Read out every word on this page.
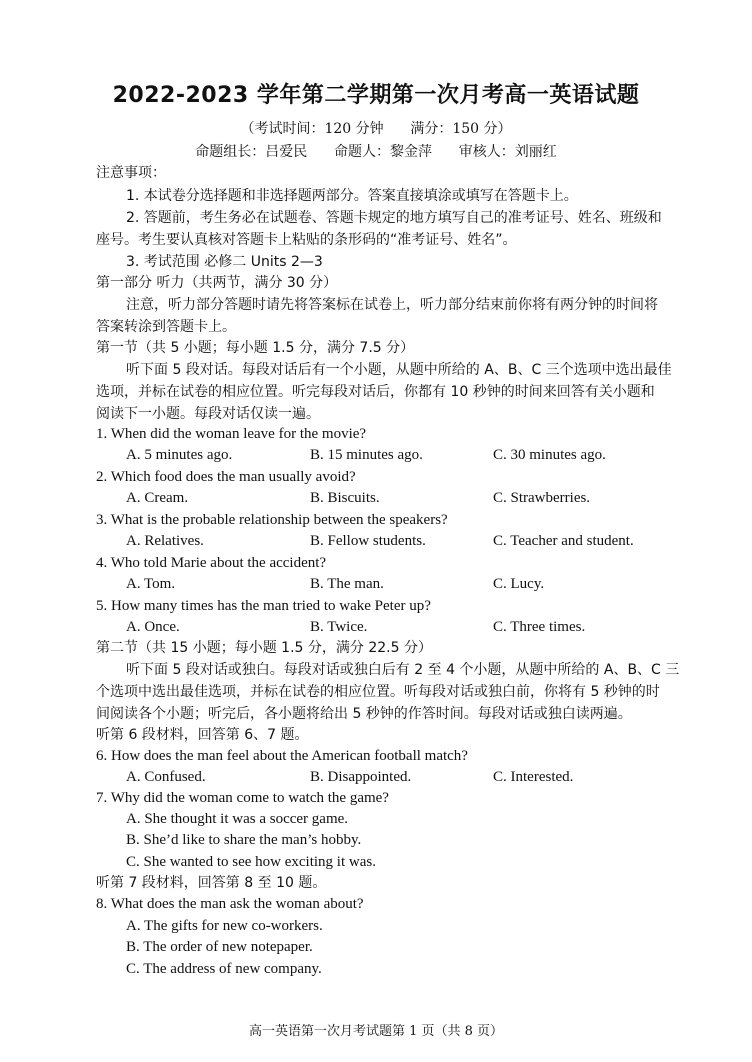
2022-2023 学年第二学期第一次月考高一英语试题
（考试时间：120 分钟      满分：150 分）
命题组长：吕爱民      命题人：黎金萍      审核人：刘丽红
注意事项：
1. 本试卷分选择题和非选择题两部分。答案直接填涂或填写在答题卡上。
2. 答题前，考生务必在试题卷、答题卡规定的地方填写自己的准考证号、姓名、班级和
座号。考生要认真核对答题卡上粘贴的条形码的“准考证号、姓名”。
3. 考试范围 必修二 Units 2—3
第一部分 听力（共两节，满分 30 分）
注意，听力部分答题时请先将答案标在试卷上，听力部分结束前你将有两分钟的时间将
答案转涂到答题卡上。
第一节（共 5 小题；每小题 1.5 分，满分 7.5 分）
听下面 5 段对话。每段对话后有一个小题，从题中所给的 A、B、C 三个选项中选出最佳
选项，并标在试卷的相应位置。听完每段对话后，你都有 10 秒钟的时间来回答有关小题和
阅读下一小题。每段对话仅读一遍。
1. When did the woman leave for the movie?
A. 5 minutes ago.	B. 15 minutes ago.	C. 30 minutes ago.
2. Which food does the man usually avoid?
A. Cream.	B. Biscuits.	C. Strawberries.
3. What is the probable relationship between the speakers?
A. Relatives.	B. Fellow students.	C. Teacher and student.
4. Who told Marie about the accident?
A. Tom.	B. The man.	C. Lucy.
5. How many times has the man tried to wake Peter up?
A. Once.	B. Twice.	C. Three times.
第二节（共 15 小题；每小题 1.5 分，满分 22.5 分）
听下面 5 段对话或独白。每段对话或独白后有 2 至 4 个小题，从题中所给的 A、B、C 三
个选项中选出最佳选项，并标在试卷的相应位置。听每段对话或独白前，你将有 5 秒钟的时
间阅读各个小题；听完后，各小题将给出 5 秒钟的作答时间。每段对话或独白读两遍。
听第 6 段材料，回答第 6、7 题。
6. How does the man feel about the American football match?
A. Confused.	B. Disappointed.	C. Interested.
7. Why did the woman come to watch the game?
A. She thought it was a soccer game.
B. She’d like to share the man’s hobby.
C. She wanted to see how exciting it was.
听第 7 段材料，回答第 8 至 10 题。
8. What does the man ask the woman about?
A. The gifts for new co-workers.
B. The order of new notepaper.
C. The address of new company.
高一英语第一次月考试题第 1 页（共 8 页）
